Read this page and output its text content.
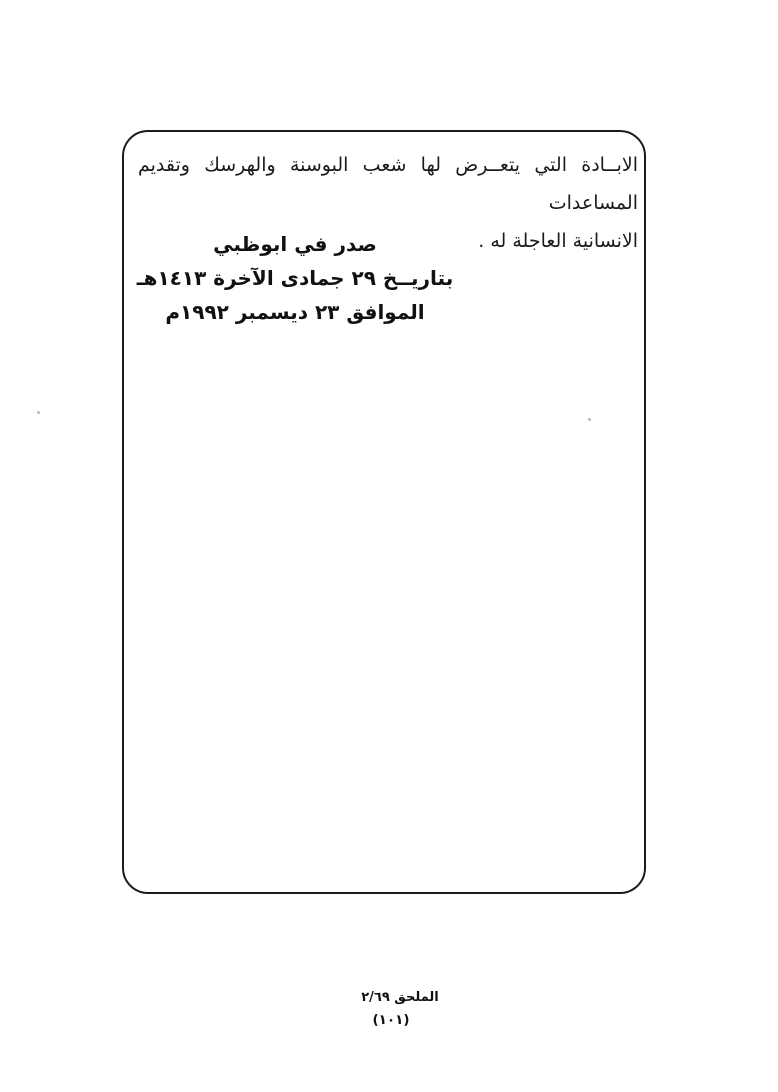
الابــادة التي يتعــرض لها شعب البوسنة والهرسك وتقديم المساعدات
الانسانية العاجلة له .
صدر في ابوظبي
بتاريــخ ٢٩ جمادى الآخرة ١٤١٣هـ
الموافق ٢٣ ديسمبر ١٩٩٢م
الملحق ٢/٦٩
(١٠١)
